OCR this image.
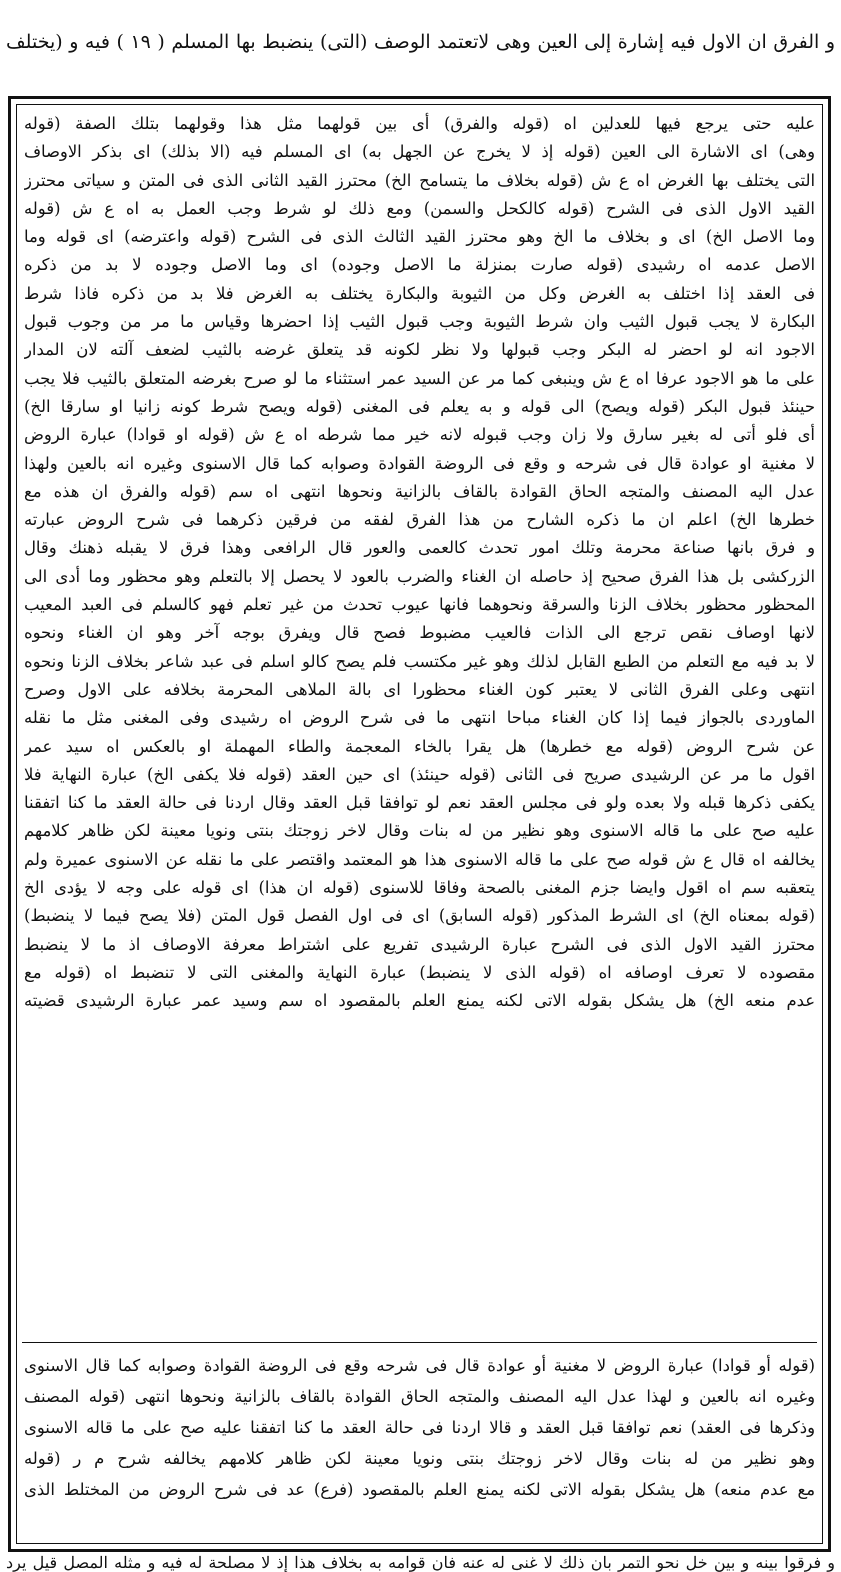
و الفرق ان الاول فيه إشارة إلى العين وهى لاتعتمد الوصف (التى) ينضبط بها المسلم ( ١٩ ) فيه و (يختلف
عليه حتى يرجع فيها للعدلين اه (قوله والفرق) أى بين قولهما مثل هذا وقولهما بتلك الصفة (قوله
وهى) اى الاشارة الى العين (قوله إذ لا يخرج عن الجهل به) اى المسلم فيه (الا بذلك) اى بذكر الاوصاف
التى يختلف بها الغرض اه ع ش (قوله بخلاف ما يتسامح الخ) محترز القيد الثانى الذى فى المتن و سياتى محترز
القيد الاول الذى فى الشرح (قوله كالكحل والسمن) ومع ذلك لو شرط وجب العمل به اه ع ش (قوله
وما الاصل الخ) اى و بخلاف ما الخ وهو محترز القيد الثالث الذى فى الشرح (قوله واعترضه) اى قوله وما
الاصل عدمه اه رشيدى (قوله صارت بمنزلة ما الاصل وجوده) اى وما الاصل وجوده لا بد من ذكره
فى العقد إذا اختلف به الغرض وكل من الثيوبة والبكارة يختلف به الغرض فلا بد من ذكره فاذا شرط
البكارة لا يجب قبول الثيب وان شرط الثيوبة وجب قبول الثيب إذا احضرها وقياس ما مر من وجوب قبول
الاجود انه لو احضر له البكر وجب قبولها ولا نظر لكونه قد يتعلق غرضه بالثيب لضعف آلته لان المدار
على ما هو الاجود عرفا اه ع ش وينبغى كما مر عن السيد عمر استثناء ما لو صرح بغرضه المتعلق بالثيب فلا يجب
حينئذ قبول البكر (قوله ويصح) الى قوله و به يعلم فى المغنى (قوله ويصح شرط كونه زانيا او سارقا الخ)
أى فلو أتى له بغير سارق ولا زان وجب قبوله لانه خير مما شرطه اه ع ش (قوله او قوادا) عبارة الروض
لا مغنية او عوادة قال فى شرحه و وقع فى الروضة القوادة وصوابه كما قال الاسنوى وغيره انه بالعين ولهذا
عدل اليه المصنف والمتجه الحاق القوادة بالقاف بالزانية ونحوها انتهى اه سم (قوله والفرق ان هذه مع
خطرها الخ) اعلم ان ما ذكره الشارح من هذا الفرق لفقه من فرقين ذكرهما فى شرح الروض عبارته
و فرق بانها صناعة محرمة وتلك امور تحدث كالعمى والعور قال الرافعى وهذا فرق لا يقبله ذهنك وقال
الزركشى بل هذا الفرق صحيح إذ حاصله ان الغناء والضرب بالعود لا يحصل إلا بالتعلم وهو محظور وما أدى الى
المحظور محظور بخلاف الزنا والسرقة ونحوهما فانها عيوب تحدث من غير تعلم فهو كالسلم فى العبد المعيب
لانها اوصاف نقص ترجع الى الذات فالعيب مضبوط فصح قال ويفرق بوجه آخر وهو ان الغناء ونحوه
لا بد فيه مع التعلم من الطبع القابل لذلك وهو غير مكتسب فلم يصح كالو اسلم فى عبد شاعر بخلاف الزنا ونحوه
انتهى وعلى الفرق الثانى لا يعتبر كون الغناء محظورا اى بالة الملاهى المحرمة بخلافه على الاول وصرح
الماوردى بالجواز فيما إذا كان الغناء مباحا انتهى ما فى شرح الروض اه رشيدى وفى المغنى مثل ما نقله
عن شرح الروض (قوله مع خطرها) هل يقرا بالخاء المعجمة والطاء المهملة او بالعكس اه سيد عمر
اقول ما مر عن الرشيدى صريح فى الثانى (قوله حينئذ) اى حين العقد (قوله فلا يكفى الخ) عبارة النهاية فلا
يكفى ذكرها قبله ولا بعده ولو فى مجلس العقد نعم لو توافقا قبل العقد وقال اردنا فى حالة العقد ما كنا اتفقنا
عليه صح على ما قاله الاسنوى وهو نظير من له بنات وقال لاخر زوجتك بنتى ونويا معينة لكن ظاهر كلامهم
يخالفه اه قال ع ش قوله صح على ما قاله الاسنوى هذا هو المعتمد واقتصر على ما نقله عن الاسنوى عميرة ولم
يتعقبه سم اه اقول وايضا جزم المغنى بالصحة وفاقا للاسنوى (قوله ان هذا) اى قوله على وجه لا يؤدى الخ
(قوله بمعناه الخ) اى الشرط المذكور (قوله السابق) اى فى اول الفصل قول المتن (فلا يصح فيما لا ينضبط)
محترز القيد الاول الذى فى الشرح عبارة الرشيدى تفريع على اشتراط معرفة الاوصاف اذ ما لا ينضبط
مقصوده لا تعرف اوصافه اه (قوله الذى لا ينضبط) عبارة النهاية والمغنى التى لا تنضبط اه (قوله مع
عدم منعه الخ) هل يشكل بقوله الاتى لكنه يمنع العلم بالمقصود اه سم وسيد عمر عبارة الرشيدى قضيته
(قوله أو قوادا) عبارة الروض لا مغنية أو عوادة قال فى شرحه وقع فى الروضة القوادة وصوابه كما قال الاسنوى
وغيره انه بالعين و لهذا عدل اليه المصنف والمتجه الحاق القوادة بالقاف بالزانية ونحوها انتهى (قوله المصنف
وذكرها فى العقد) نعم توافقا قبل العقد و قالا اردنا فى حالة العقد ما كنا اتفقنا عليه صح على ما قاله الاسنوى
وهو نظير من له بنات وقال لاخر زوجتك بنتى ونويا معينة لكن ظاهر كلامهم يخالفه شرح م ر (قوله
مع عدم منعه) هل يشكل بقوله الاتى لكنه يمنع العلم بالمقصود (فرع) عد فى شرح الروض من المختلط الذى
و فرقوا بينه و بين خل نحو التمر بان ذلك لا غنى له عنه فان قوامه به بخلاف هذا إذ لا مصلحة له فيه و مثله المصل قيل يرد
